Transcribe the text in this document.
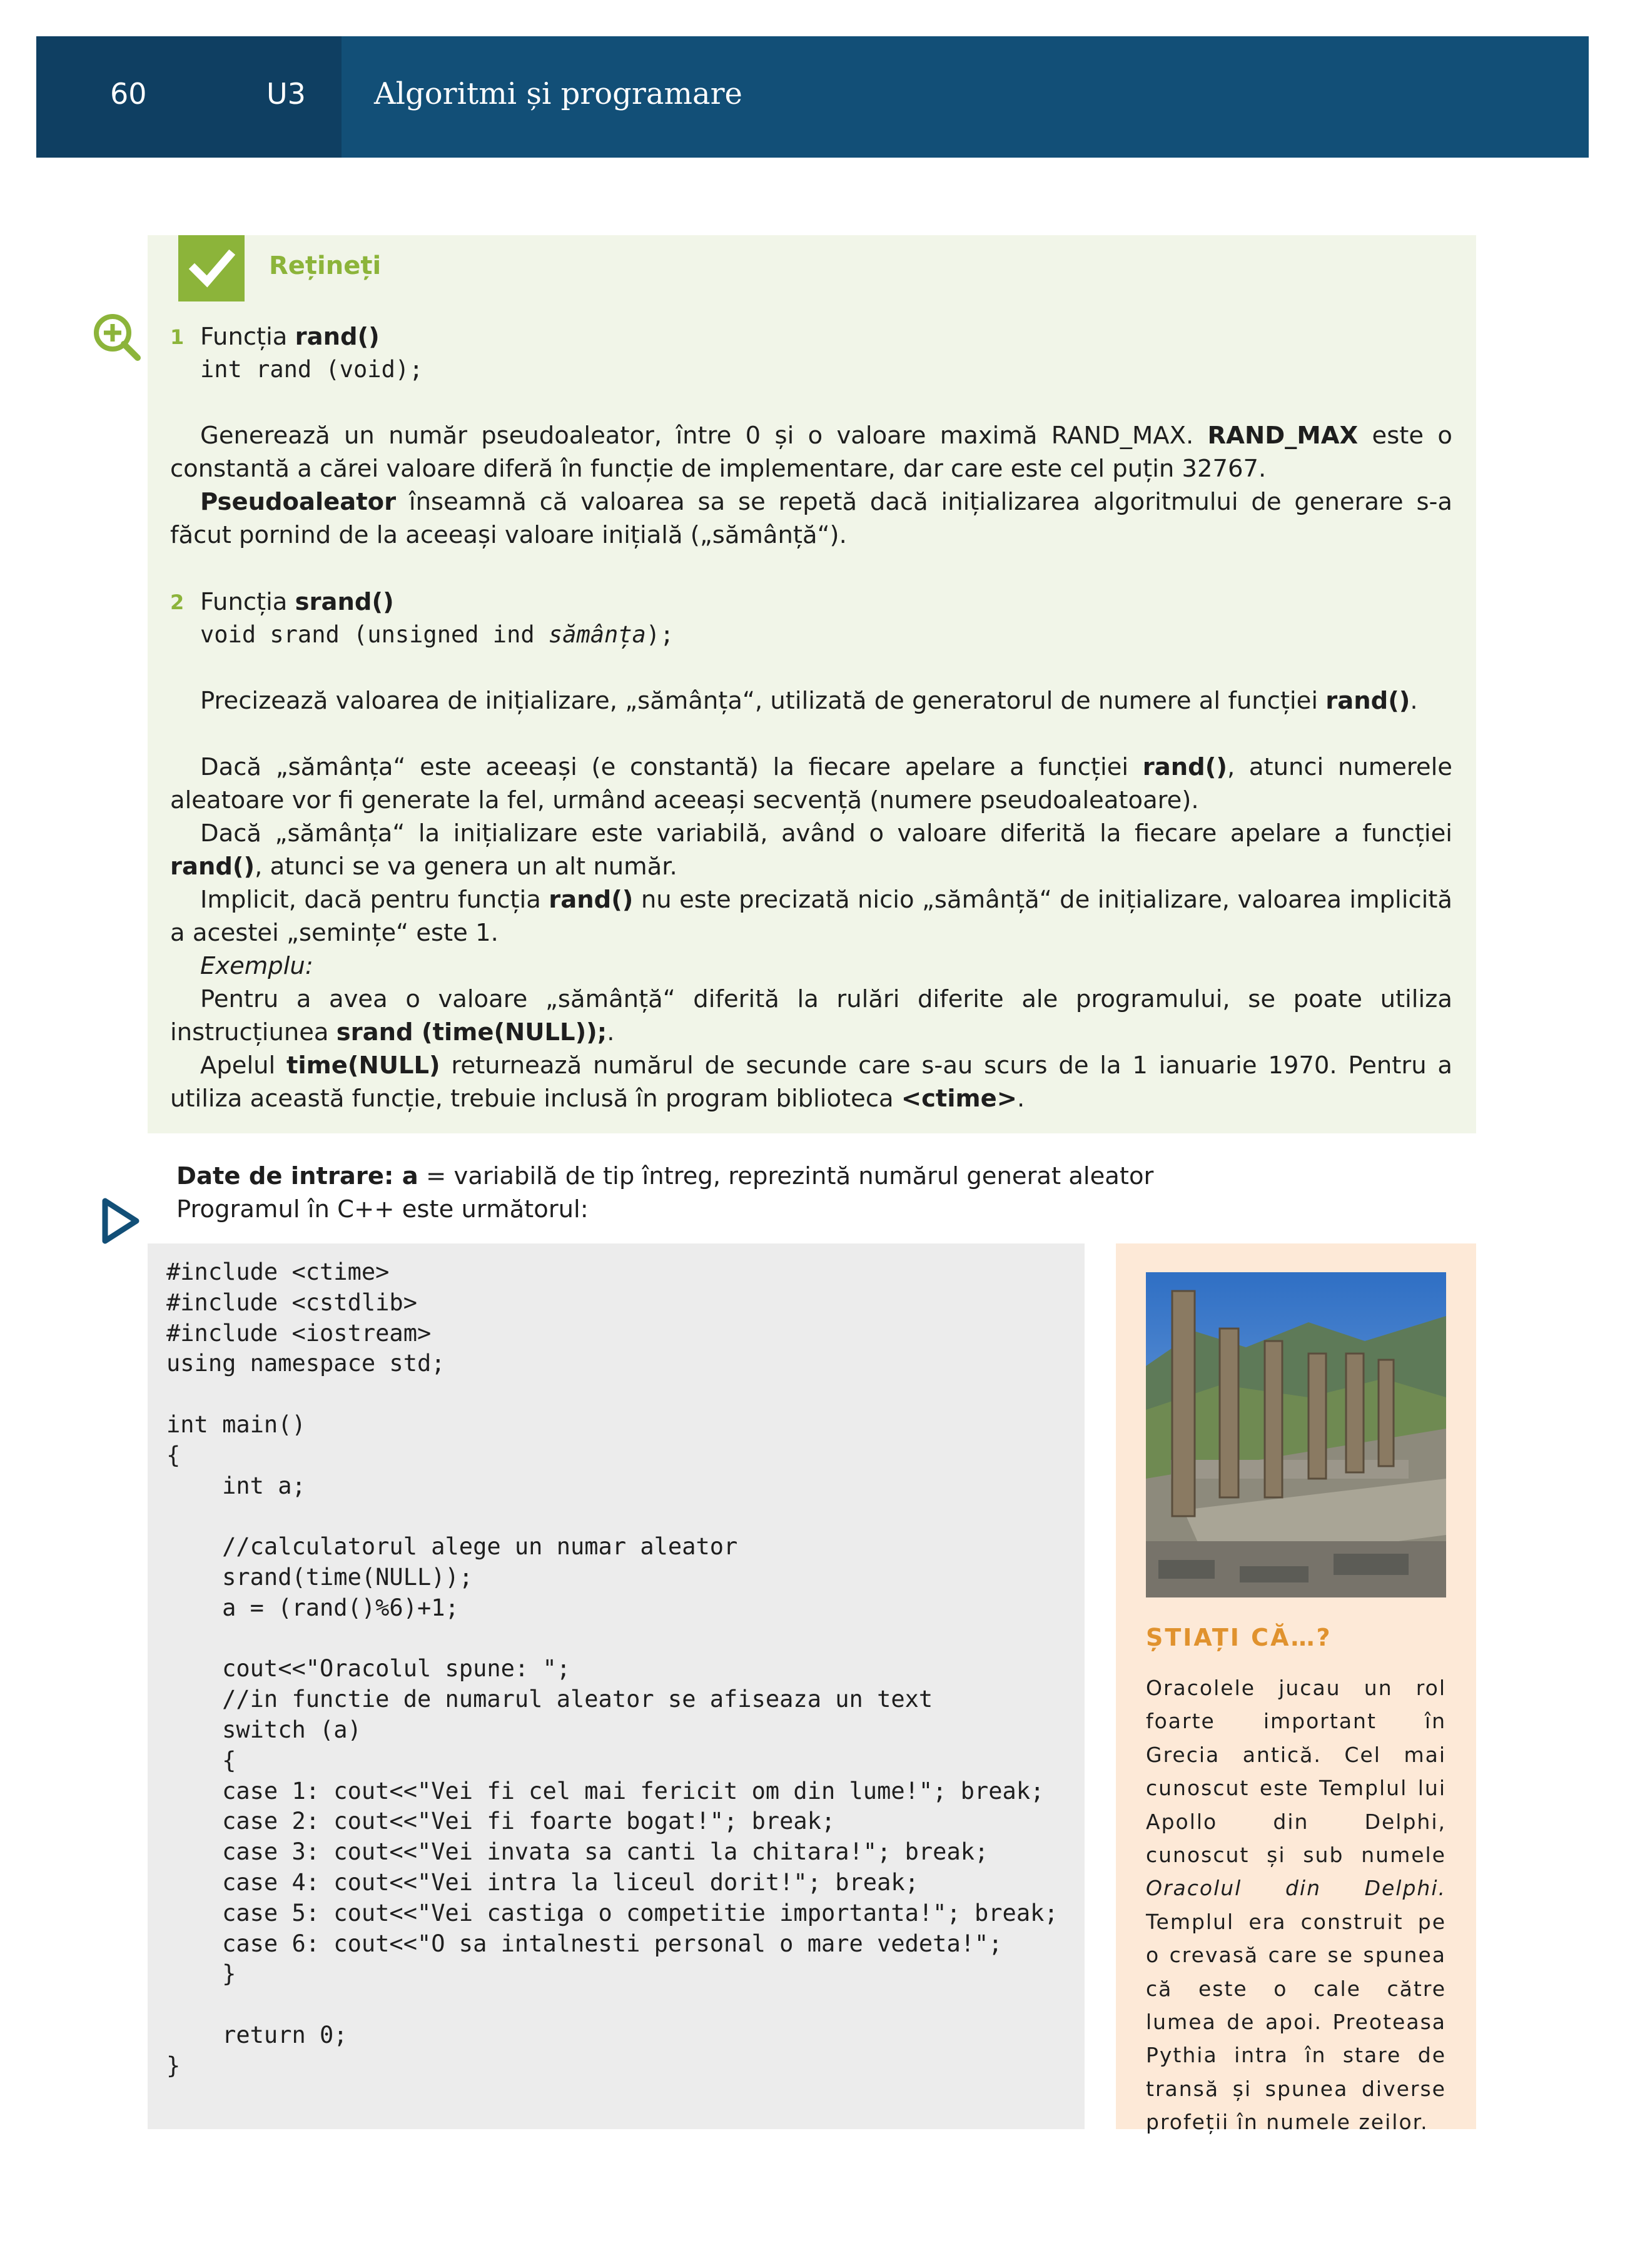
60	U3 Algoritmi și programare
Rețineți
1 Funcția rand()
int rand (void);
Generează un număr pseudoaleator, între 0 și o valoare maximă RAND_MAX. RAND_MAX este o constantă a cărei valoare diferă în funcție de implementare, dar care este cel puțin 32767.
Pseudoaleator înseamnă că valoarea sa se repetă dacă inițializarea algoritmului de generare s-a făcut pornind de la aceeași valoare inițială („sămânță“).
2 Funcția srand()
void srand (unsigned ind sămânța);
Precizează valoarea de inițializare, „sămânța“, utilizată de generatorul de numere al funcției rand().
Dacă „sămânța“ este aceeași (e constantă) la fiecare apelare a funcției rand(), atunci numerele aleatoare vor fi generate la fel, urmând aceeași secvență (numere pseudoaleatoare).
Dacă „sămânța“ la inițializare este variabilă, având o valoare diferită la fiecare apelare a funcției rand(), atunci se va genera un alt număr.
Implicit, dacă pentru funcția rand() nu este precizată nicio „sămânță“ de inițializare, valoarea implicită a acestei „semințe“ este 1.
Exemplu:
Pentru a avea o valoare „sămânță“ diferită la rulări diferite ale programului, se poate utiliza instrucțiunea srand (time(NULL));.
Apelul time(NULL) returnează numărul de secunde care s-au scurs de la 1 ianuarie 1970. Pentru a utiliza această funcție, trebuie inclusă în program biblioteca <ctime>.
Date de intrare: a = variabilă de tip întreg, reprezintă numărul generat aleator
Programul în C++ este următorul:
#include <ctime>
#include <cstdlib>
#include <iostream>
using namespace std;

int main()
{
int a;

//calculatorul alege un numar aleator
srand(time(NULL));
a = (rand()%6)+1;

cout<<"Oracolul spune: ";
//in functie de numarul aleator se afiseaza un text
switch (a)
{
case 1: cout<<"Vei fi cel mai fericit om din lume!"; break;
case 2: cout<<"Vei fi foarte bogat!"; break;
case 3: cout<<"Vei invata sa canti la chitara!"; break;
case 4: cout<<"Vei intra la liceul dorit!"; break;
case 5: cout<<"Vei castiga o competitie importanta!"; break;
case 6: cout<<"O sa intalnesti personal o mare vedeta!";
}

return 0;
}
ȘTIAȚI CĂ…?
Oracolele jucau un rol foarte important în Grecia antică. Cel mai cunoscut este Templul lui Apollo din Delphi, cunoscut și sub numele Oracolul din Delphi. Templul era construit pe o crevasă care se spunea că este o cale către lumea de apoi. Preoteasa Pythia intra în stare de transă și spunea diverse profeții în numele zeilor.
